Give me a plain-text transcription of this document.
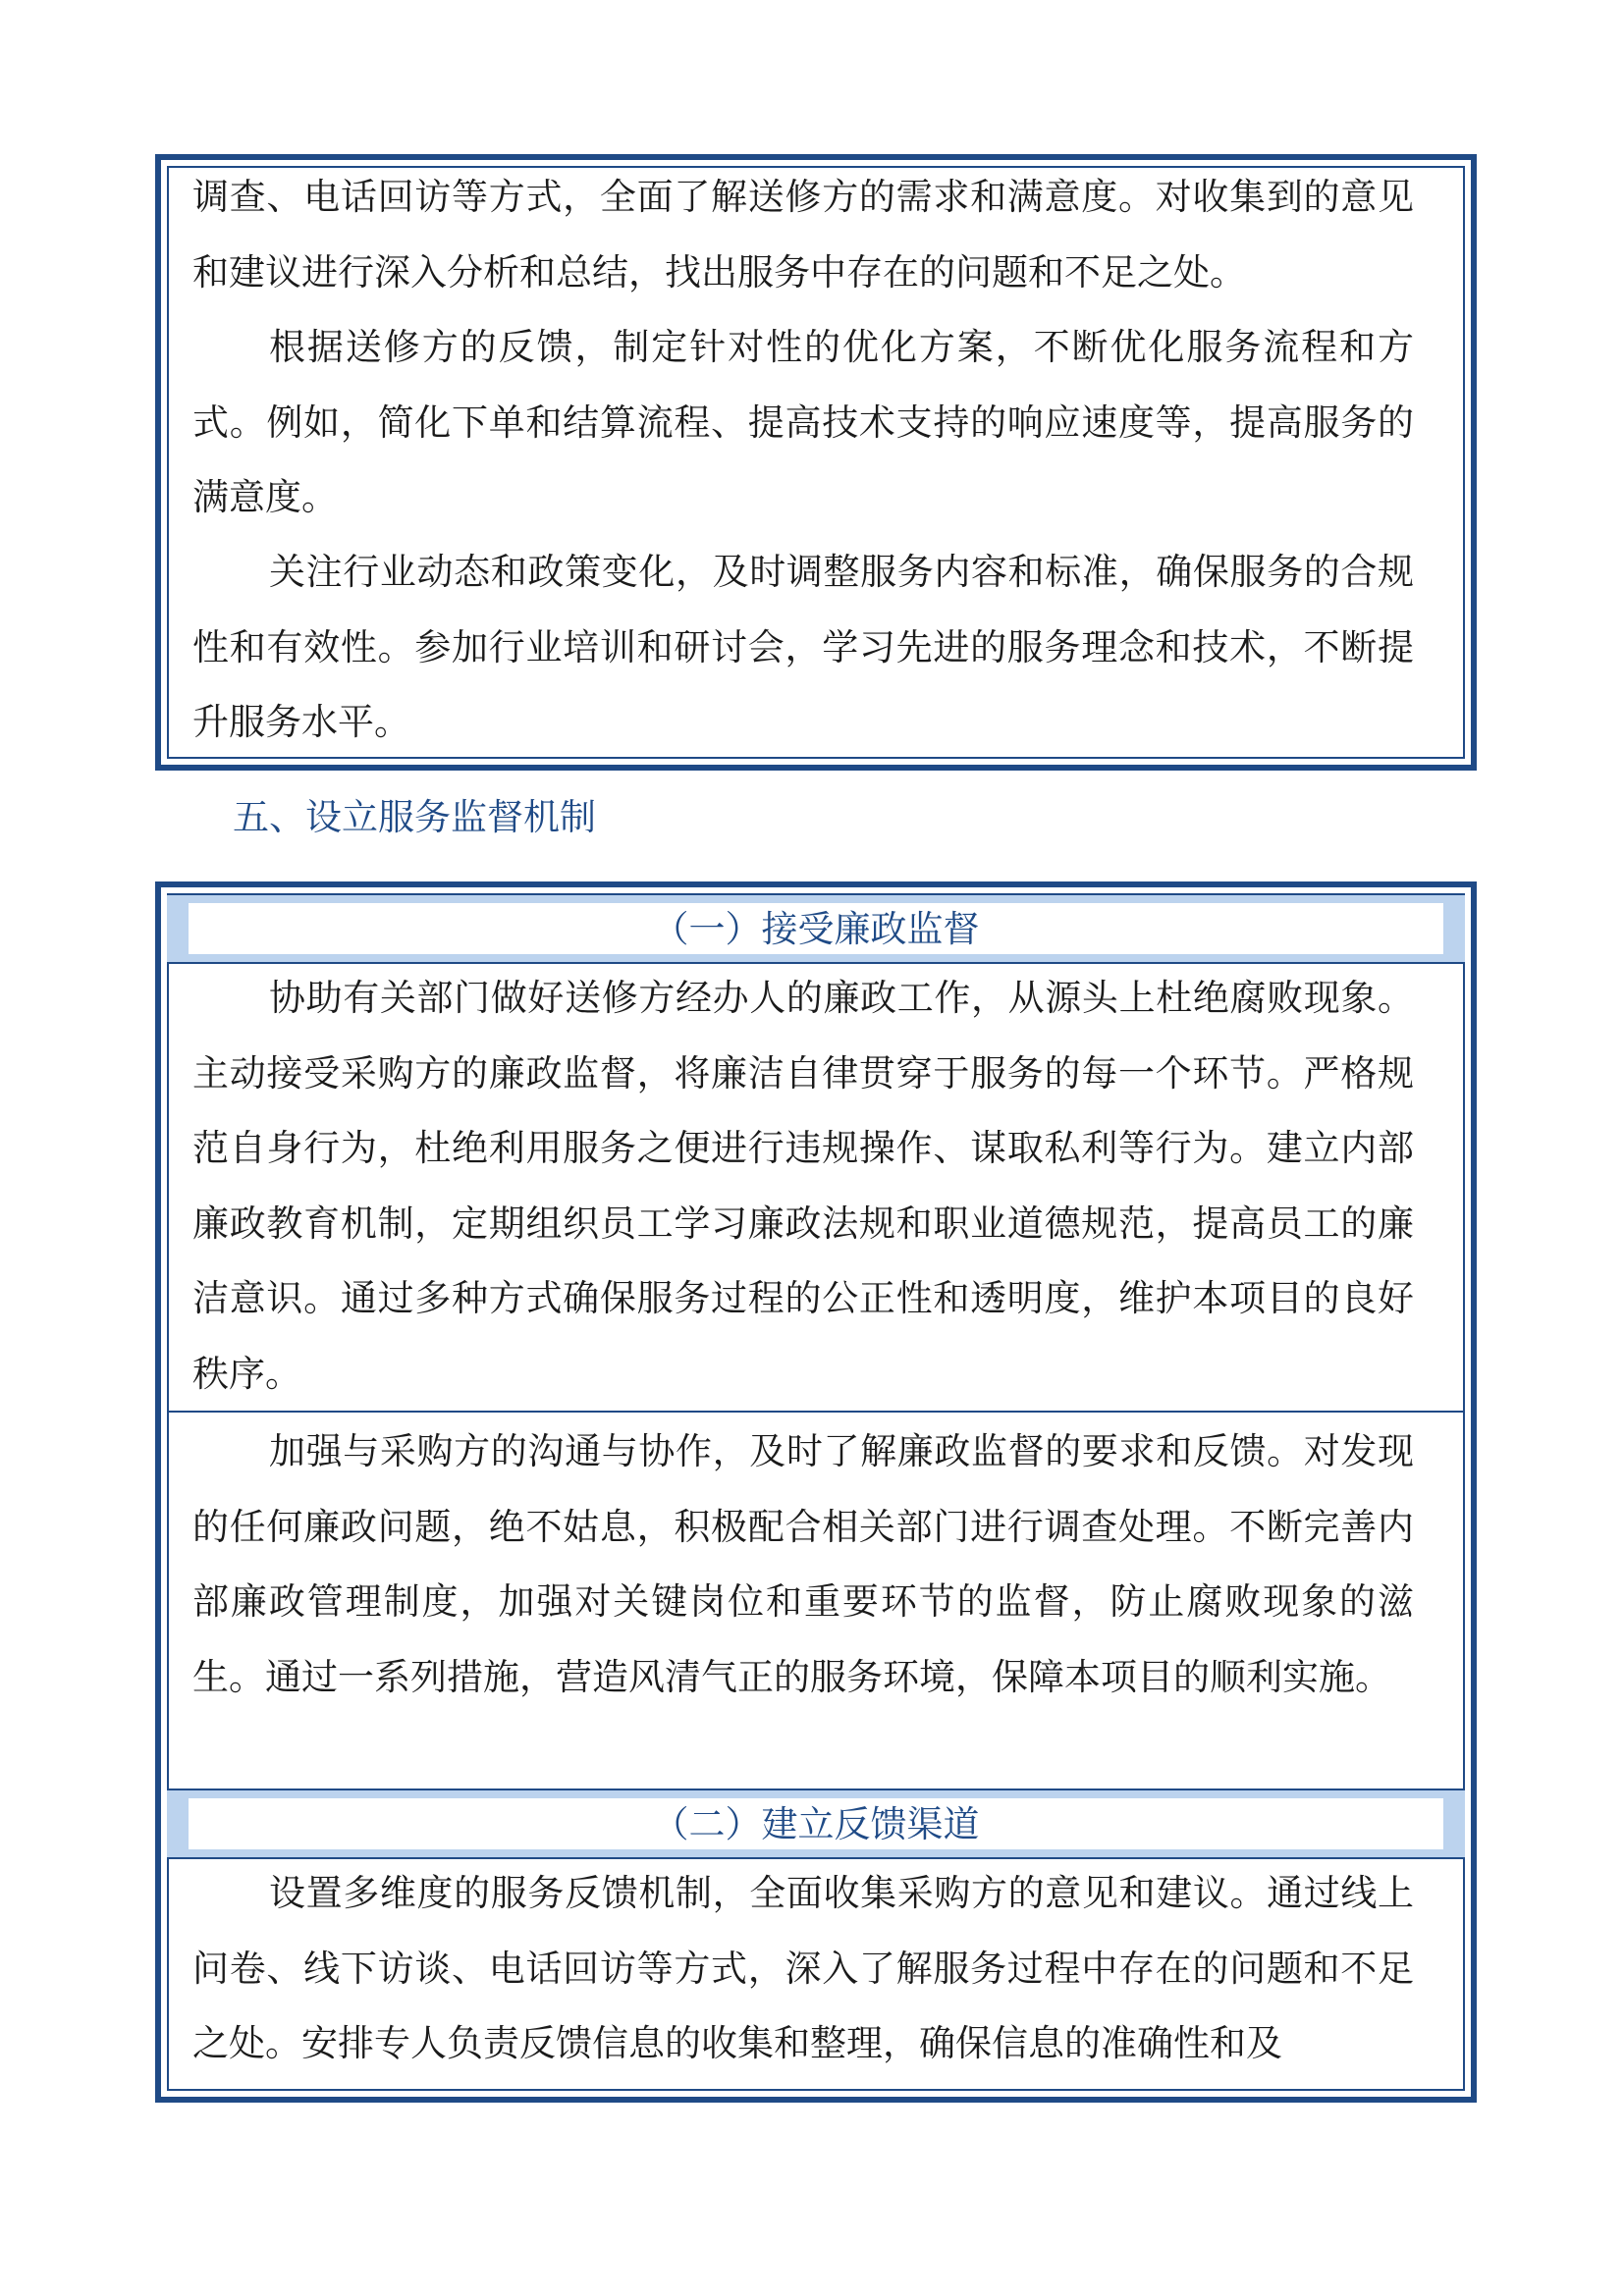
调查、电话回访等方式，全面了解送修方的需求和满意度。对收集到的意见和建议进行深入分析和总结，找出服务中存在的问题和不足之处。

根据送修方的反馈，制定针对性的优化方案，不断优化服务流程和方式。例如，简化下单和结算流程、提高技术支持的响应速度等，提高服务的满意度。

关注行业动态和政策变化，及时调整服务内容和标准，确保服务的合规性和有效性。参加行业培训和研讨会，学习先进的服务理念和技术，不断提升服务水平。

五、设立服务监督机制
（一）接受廉政监督

协助有关部门做好送修方经办人的廉政工作，从源头上杜绝腐败现象。主动接受采购方的廉政监督，将廉洁自律贯穿于服务的每一个环节。严格规范自身行为，杜绝利用服务之便进行违规操作、谋取私利等行为。建立内部廉政教育机制，定期组织员工学习廉政法规和职业道德规范，提高员工的廉洁意识。通过多种方式确保服务过程的公正性和透明度，维护本项目的良好秩序。

加强与采购方的沟通与协作，及时了解廉政监督的要求和反馈。对发现的任何廉政问题，绝不姑息，积极配合相关部门进行调查处理。不断完善内部廉政管理制度，加强对关键岗位和重要环节的监督，防止腐败现象的滋生。通过一系列措施，营造风清气正的服务环境，保障本项目的顺利实施。

（二）建立反馈渠道

设置多维度的服务反馈机制，全面收集采购方的意见和建议。通过线上问卷、线下访谈、电话回访等方式，深入了解服务过程中存在的问题和不足之处。安排专人负责反馈信息的收集和整理，确保信息的准确性和及
